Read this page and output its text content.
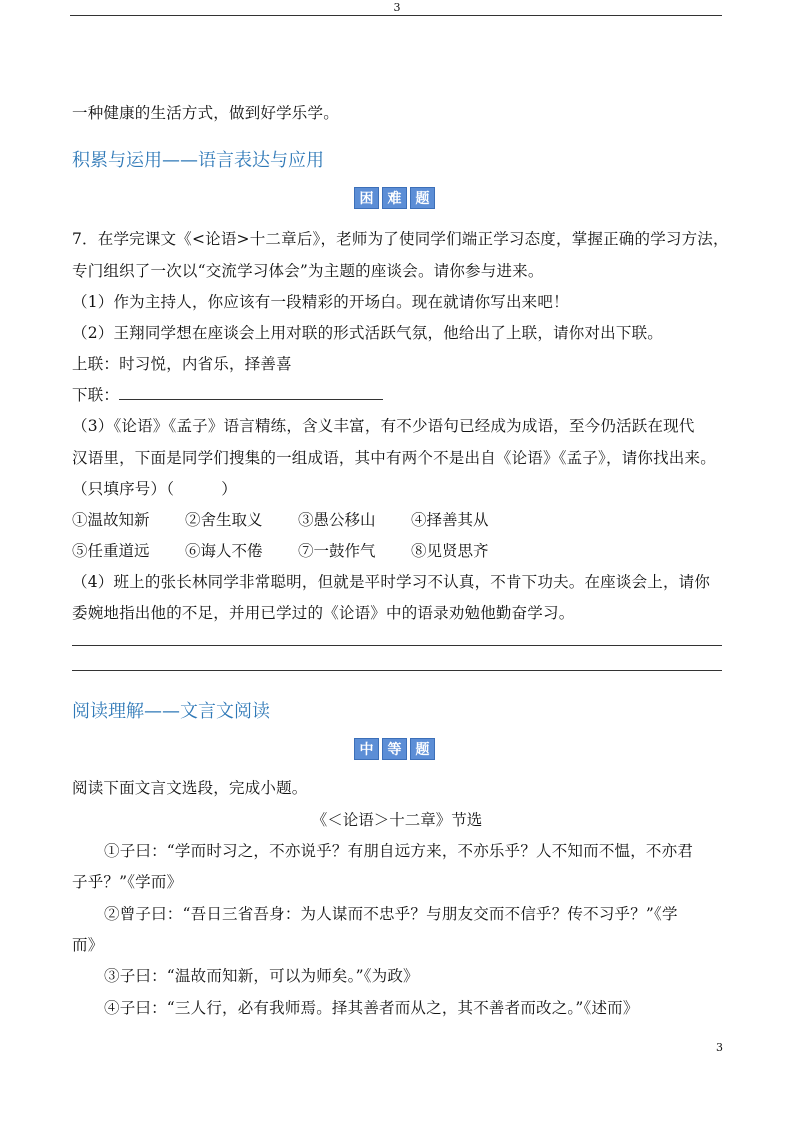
3
一种健康的生活方式，做到好学乐学。
积累与运用——语言表达与应用
困	难	题
7．在学完课文《<论语>十二章后》，老师为了使同学们端正学习态度，掌握正确的学习方法，
专门组织了一次以“交流学习体会”为主题的座谈会。请你参与进来。
（1）作为主持人，你应该有一段精彩的开场白。现在就请你写出来吧！
（2）王翔同学想在座谈会上用对联的形式活跃气氛，他给出了上联，请你对出下联。
上联：时习悦，内省乐，择善喜
下联：
（3）《论语》《孟子》语言精练，含义丰富，有不少语句已经成为成语，至今仍活跃在现代
汉语里，下面是同学们搜集的一组成语，其中有两个不是出自《论语》《孟子》，请你找出来。
（只填序号）（　　　）
①温故知新 ②舍生取义 ③愚公移山 ④择善其从
⑤任重道远 ⑥诲人不倦 ⑦一鼓作气 ⑧见贤思齐
（4）班上的张长林同学非常聪明，但就是平时学习不认真，不肯下功夫。在座谈会上，请你
委婉地指出他的不足，并用已学过的《论语》中的语录劝勉他勤奋学习。
阅读理解——文言文阅读
中	等	题
阅读下面文言文选段，完成小题。
《＜论语＞十二章》节选
①子曰：“学而时习之，不亦说乎？有朋自远方来，不亦乐乎？人不知而不愠，不亦君
子乎？”《学而》
②曾子曰：“吾日三省吾身：为人谋而不忠乎？与朋友交而不信乎？传不习乎？”《学
而》
③子曰：“温故而知新，可以为师矣。”《为政》
④子曰：“三人行，必有我师焉。择其善者而从之，其不善者而改之。”《述而》
3
